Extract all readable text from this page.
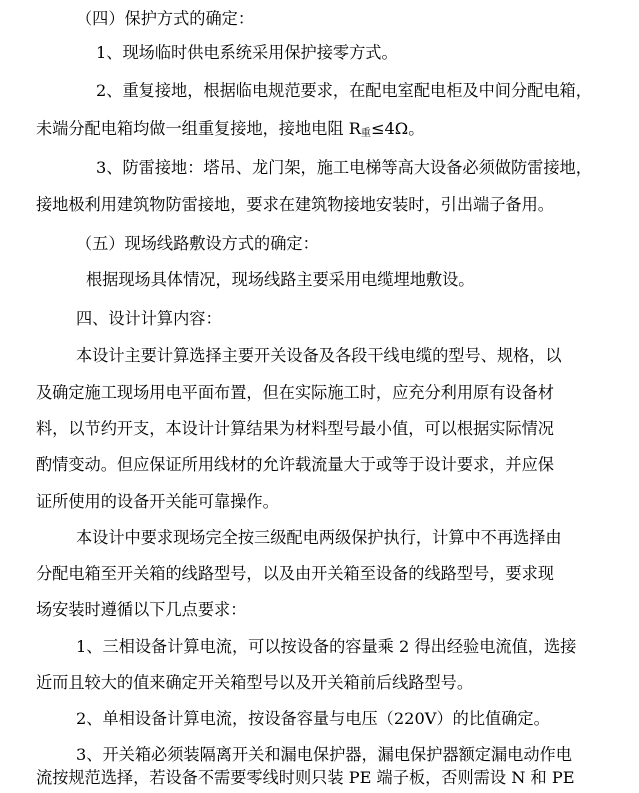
（四）保护方式的确定：
1、现场临时供电系统采用保护接零方式。
2、重复接地，根据临电规范要求，在配电室配电柜及中间分配电箱，
未端分配电箱均做一组重复接地，接地电阻 R重≤4Ω。
3、防雷接地：塔吊、龙门架，施工电梯等高大设备必须做防雷接地，
接地极利用建筑物防雷接地，要求在建筑物接地安装时，引出端子备用。
（五）现场线路敷设方式的确定：
根据现场具体情况，现场线路主要采用电缆埋地敷设。
四、设计计算内容：
本设计主要计算选择主要开关设备及各段干线电缆的型号、规格，以
及确定施工现场用电平面布置，但在实际施工时，应充分利用原有设备材
料，以节约开支，本设计计算结果为材料型号最小值，可以根据实际情况
酌情变动。但应保证所用线材的允许载流量大于或等于设计要求，并应保
证所使用的设备开关能可靠操作。
本设计中要求现场完全按三级配电两级保护执行，计算中不再选择由
分配电箱至开关箱的线路型号，以及由开关箱至设备的线路型号，要求现
场安装时遵循以下几点要求：
1、三相设备计算电流，可以按设备的容量乘 2 得出经验电流值，选接
近而且较大的值来确定开关箱型号以及开关箱前后线路型号。
2、单相设备计算电流，按设备容量与电压（220V）的比值确定。
3、开关箱必须装隔离开关和漏电保护器，漏电保护器额定漏电动作电
流按规范选择，若设备不需要零线时则只装 PE 端子板，否则需设 N 和 PE
